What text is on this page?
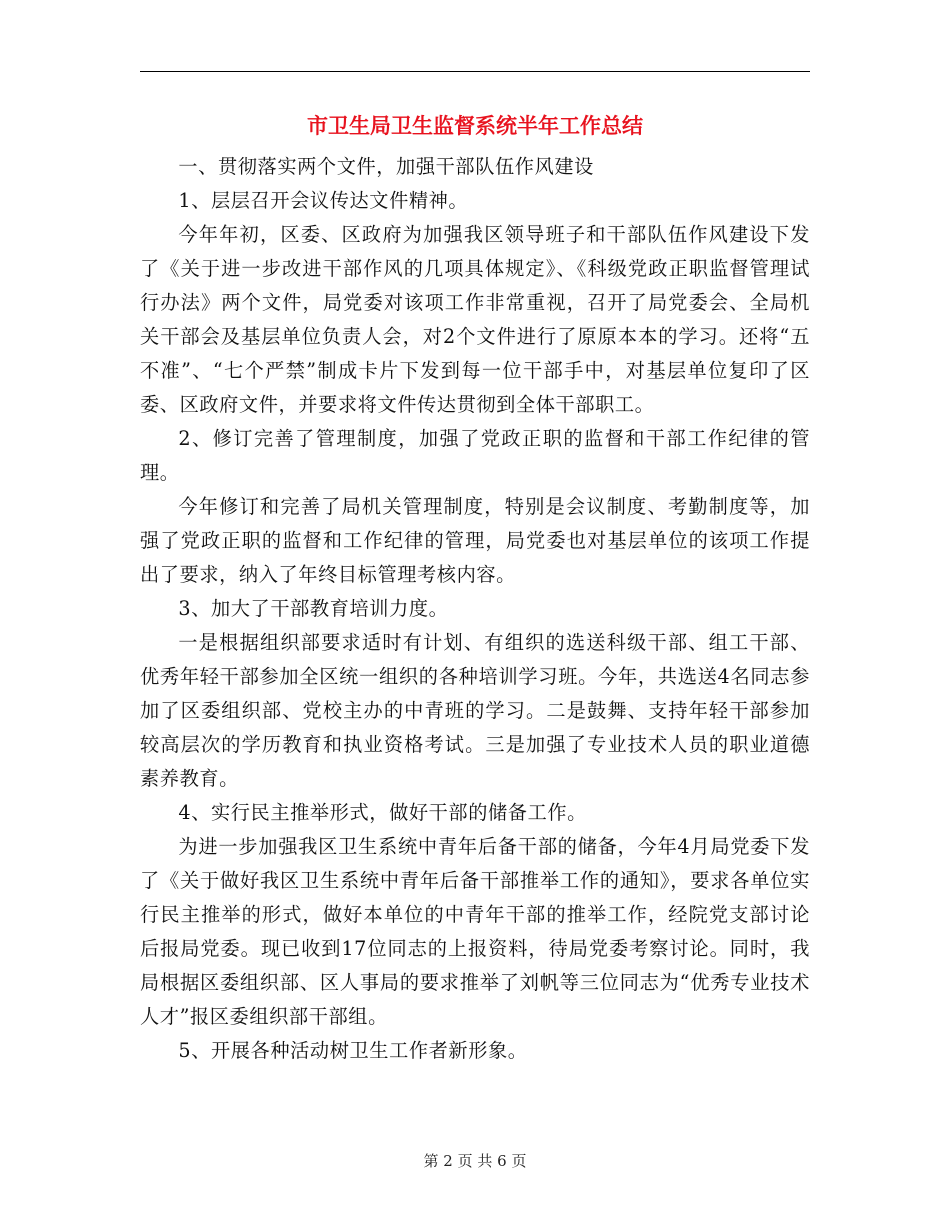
市卫生局卫生监督系统半年工作总结

一、贯彻落实两个文件，加强干部队伍作风建设

1、层层召开会议传达文件精神。

今年年初，区委、区政府为加强我区领导班子和干部队伍作风建设下发了《关于进一步改进干部作风的几项具体规定》、《科级党政正职监督管理试行办法》两个文件，局党委对该项工作非常重视，召开了局党委会、全局机关干部会及基层单位负责人会，对2个文件进行了原原本本的学习。还将“五不准”、“七个严禁”制成卡片下发到每一位干部手中，对基层单位复印了区委、区政府文件，并要求将文件传达贯彻到全体干部职工。

2、修订完善了管理制度，加强了党政正职的监督和干部工作纪律的管理。

今年修订和完善了局机关管理制度，特别是会议制度、考勤制度等，加强了党政正职的监督和工作纪律的管理，局党委也对基层单位的该项工作提出了要求，纳入了年终目标管理考核内容。

3、加大了干部教育培训力度。

一是根据组织部要求适时有计划、有组织的选送科级干部、组工干部、优秀年轻干部参加全区统一组织的各种培训学习班。今年，共选送4名同志参加了区委组织部、党校主办的中青班的学习。二是鼓舞、支持年轻干部参加较高层次的学历教育和执业资格考试。三是加强了专业技术人员的职业道德素养教育。

4、实行民主推举形式，做好干部的储备工作。

为进一步加强我区卫生系统中青年后备干部的储备，今年4月局党委下发了《关于做好我区卫生系统中青年后备干部推举工作的通知》，要求各单位实行民主推举的形式，做好本单位的中青年干部的推举工作，经院党支部讨论后报局党委。现已收到17位同志的上报资料，待局党委考察讨论。同时，我局根据区委组织部、区人事局的要求推举了刘帆等三位同志为“优秀专业技术人才”报区委组织部干部组。

5、开展各种活动树卫生工作者新形象。

第 2 页 共 6 页
